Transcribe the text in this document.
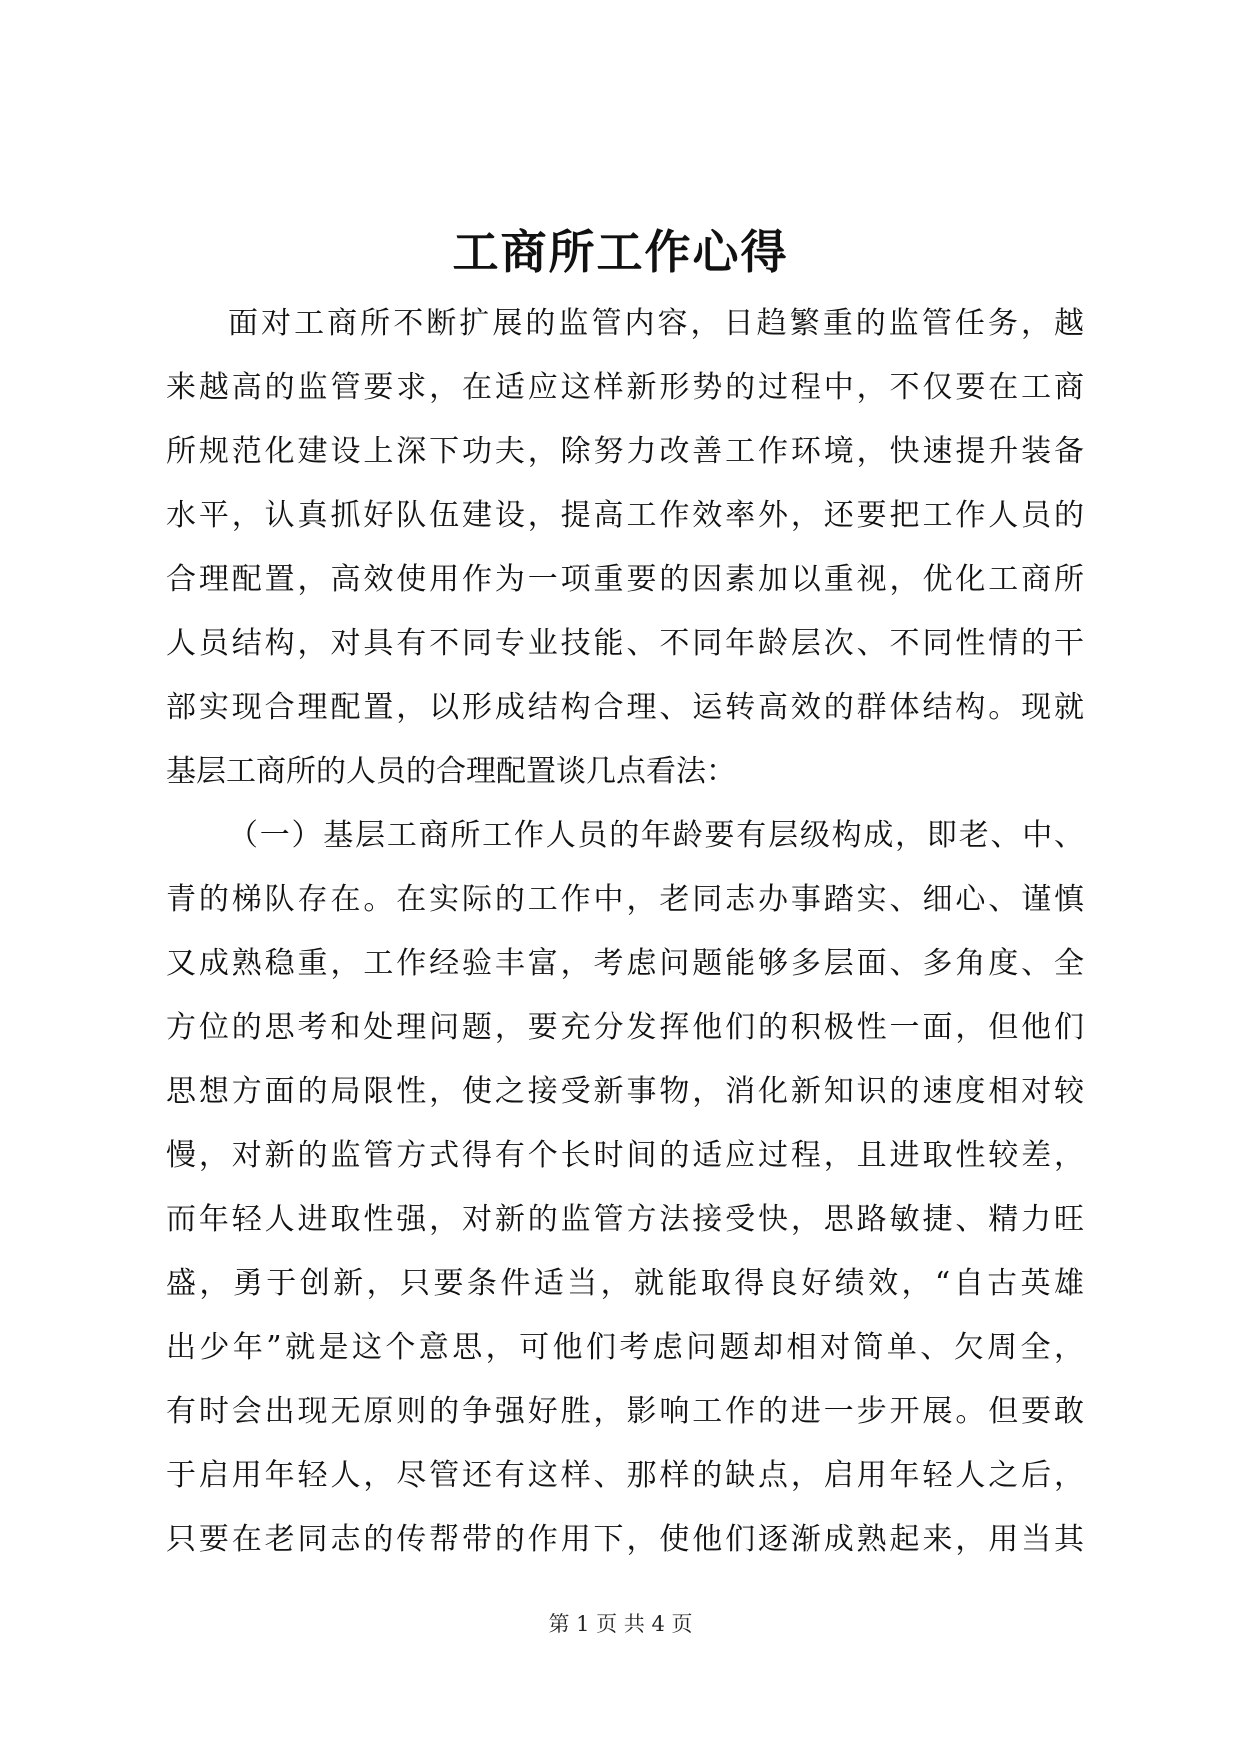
工商所工作心得
面对工商所不断扩展的监管内容，日趋繁重的监管任务，越
来越高的监管要求，在适应这样新形势的过程中，不仅要在工商
所规范化建设上深下功夫，除努力改善工作环境，快速提升装备
水平，认真抓好队伍建设，提高工作效率外，还要把工作人员的
合理配置，高效使用作为一项重要的因素加以重视，优化工商所
人员结构，对具有不同专业技能、不同年龄层次、不同性情的干
部实现合理配置，以形成结构合理、运转高效的群体结构。现就
基层工商所的人员的合理配置谈几点看法：
（一）基层工商所工作人员的年龄要有层级构成，即老、中、
青的梯队存在。在实际的工作中，老同志办事踏实、细心、谨慎
又成熟稳重，工作经验丰富，考虑问题能够多层面、多角度、全
方位的思考和处理问题，要充分发挥他们的积极性一面，但他们
思想方面的局限性，使之接受新事物，消化新知识的速度相对较
慢，对新的监管方式得有个长时间的适应过程，且进取性较差，
而年轻人进取性强，对新的监管方法接受快，思路敏捷、精力旺
盛，勇于创新，只要条件适当，就能取得良好绩效，“自古英雄
出少年”就是这个意思，可他们考虑问题却相对简单、欠周全，
有时会出现无原则的争强好胜，影响工作的进一步开展。但要敢
于启用年轻人，尽管还有这样、那样的缺点，启用年轻人之后，
只要在老同志的传帮带的作用下，使他们逐渐成熟起来，用当其
第 1 页 共 4 页
